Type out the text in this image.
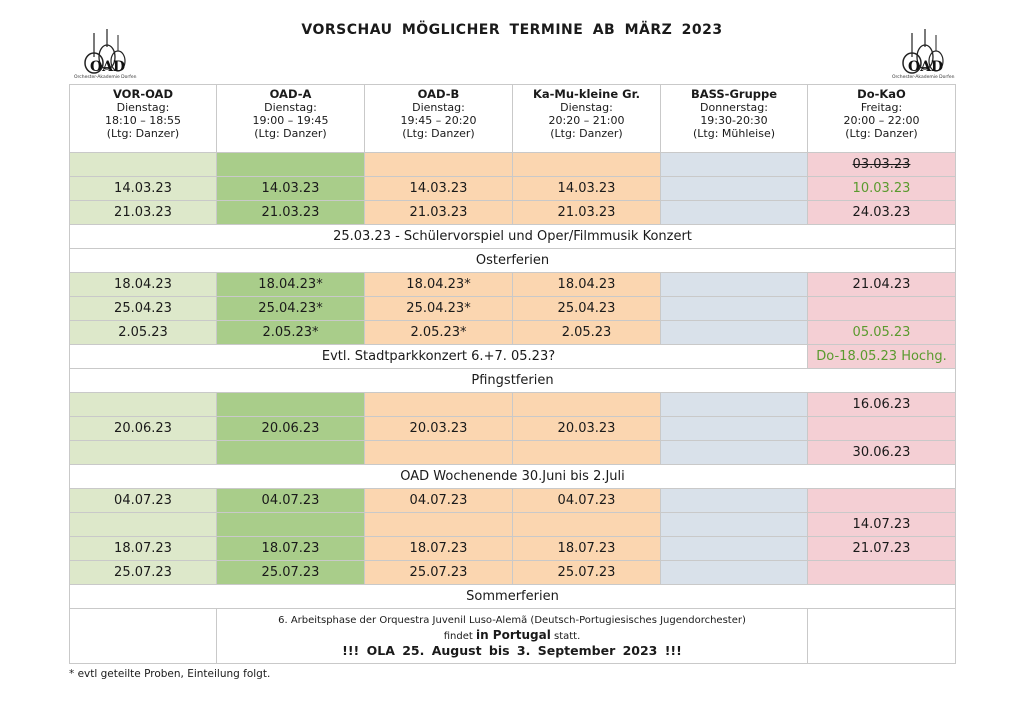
VORSCHAU MÖGLICHER TERMINE AB MÄRZ 2023
OAD
Orchester-Akademie Dorfen
OAD
Orchester-Akademie Dorfen
VOR-OAD
Dienstag:
18:10 – 18:55
(Ltg: Danzer)	OAD-A
Dienstag:
19:00 – 19:45
(Ltg: Danzer)	OAD-B
Dienstag:
19:45 – 20:20
(Ltg: Danzer)	Ka-Mu-kleine Gr.
Dienstag:
20:20 – 21:00
(Ltg: Danzer)	BASS-Gruppe
Donnerstag:
19:30-20:30
(Ltg: Mühleise)	Do-KaO
Freitag:
20:00 – 22:00
(Ltg: Danzer)

					03.03.23
14.03.23	14.03.23	14.03.23	14.03.23		10.03.23
21.03.23	21.03.23	21.03.23	21.03.23		24.03.23
25.03.23 - Schülervorspiel und Oper/Filmmusik Konzert					
Osterferien					
18.04.23	18.04.23*	18.04.23*	18.04.23		21.04.23
25.04.23	25.04.23*	25.04.23*	25.04.23		
2.05.23	2.05.23*	2.05.23*	2.05.23		05.05.23
Evtl. Stadtparkkonzert 6.+7. 05.23?					Do-18.05.23 Hochg.
Pfingstferien					
					16.06.23
20.06.23	20.06.23	20.03.23	20.03.23		
					30.06.23
OAD Wochenende 30.Juni bis 2.Juli					
04.07.23	04.07.23	04.07.23	04.07.23		
					14.07.23
18.07.23	18.07.23	18.07.23	18.07.23		21.07.23
25.07.23	25.07.23	25.07.23	25.07.23		
Sommerferien					

	6. Arbeitsphase der Orquestra Juvenil Luso-Alemã (Deutsch-Portugiesisches Jugendorchester)
findet in Portugal statt.
!!! OLA 25. August bis 3. September 2023 !!!				

* evtl geteilte Proben, Einteilung folgt.
